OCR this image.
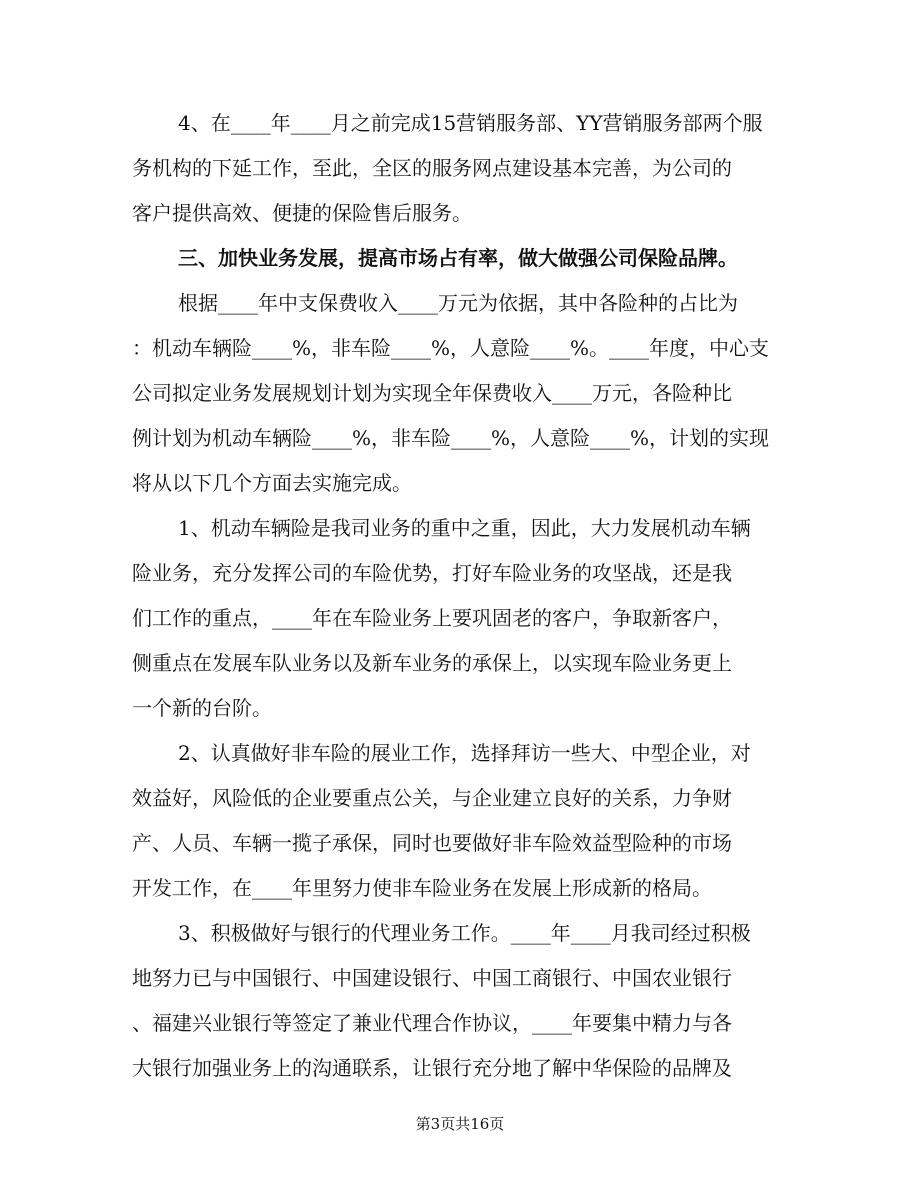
4、在____年____月之前完成15营销服务部、YY营销服务部两个服
务机构的下延工作，至此，全区的服务网点建设基本完善，为公司的
客户提供高效、便捷的保险售后服务。
三、加快业务发展，提高市场占有率，做大做强公司保险品牌。
根据____年中支保费收入____万元为依据，其中各险种的占比为
：机动车辆险____%，非车险____%，人意险____%。____年度，中心支
公司拟定业务发展规划计划为实现全年保费收入____万元，各险种比
例计划为机动车辆险____%，非车险____%，人意险____%，计划的实现
将从以下几个方面去实施完成。
1、机动车辆险是我司业务的重中之重，因此，大力发展机动车辆
险业务，充分发挥公司的车险优势，打好车险业务的攻坚战，还是我
们工作的重点，____年在车险业务上要巩固老的客户，争取新客户，
侧重点在发展车队业务以及新车业务的承保上，以实现车险业务更上
一个新的台阶。
2、认真做好非车险的展业工作，选择拜访一些大、中型企业，对
效益好，风险低的企业要重点公关，与企业建立良好的关系，力争财
产、人员、车辆一揽子承保，同时也要做好非车险效益型险种的市场
开发工作，在____年里努力使非车险业务在发展上形成新的格局。
3、积极做好与银行的代理业务工作。____年____月我司经过积极
地努力已与中国银行、中国建设银行、中国工商银行、中国农业银行
、福建兴业银行等签定了兼业代理合作协议，____年要集中精力与各
大银行加强业务上的沟通联系，让银行充分地了解中华保险的品牌及
第3页共16页
